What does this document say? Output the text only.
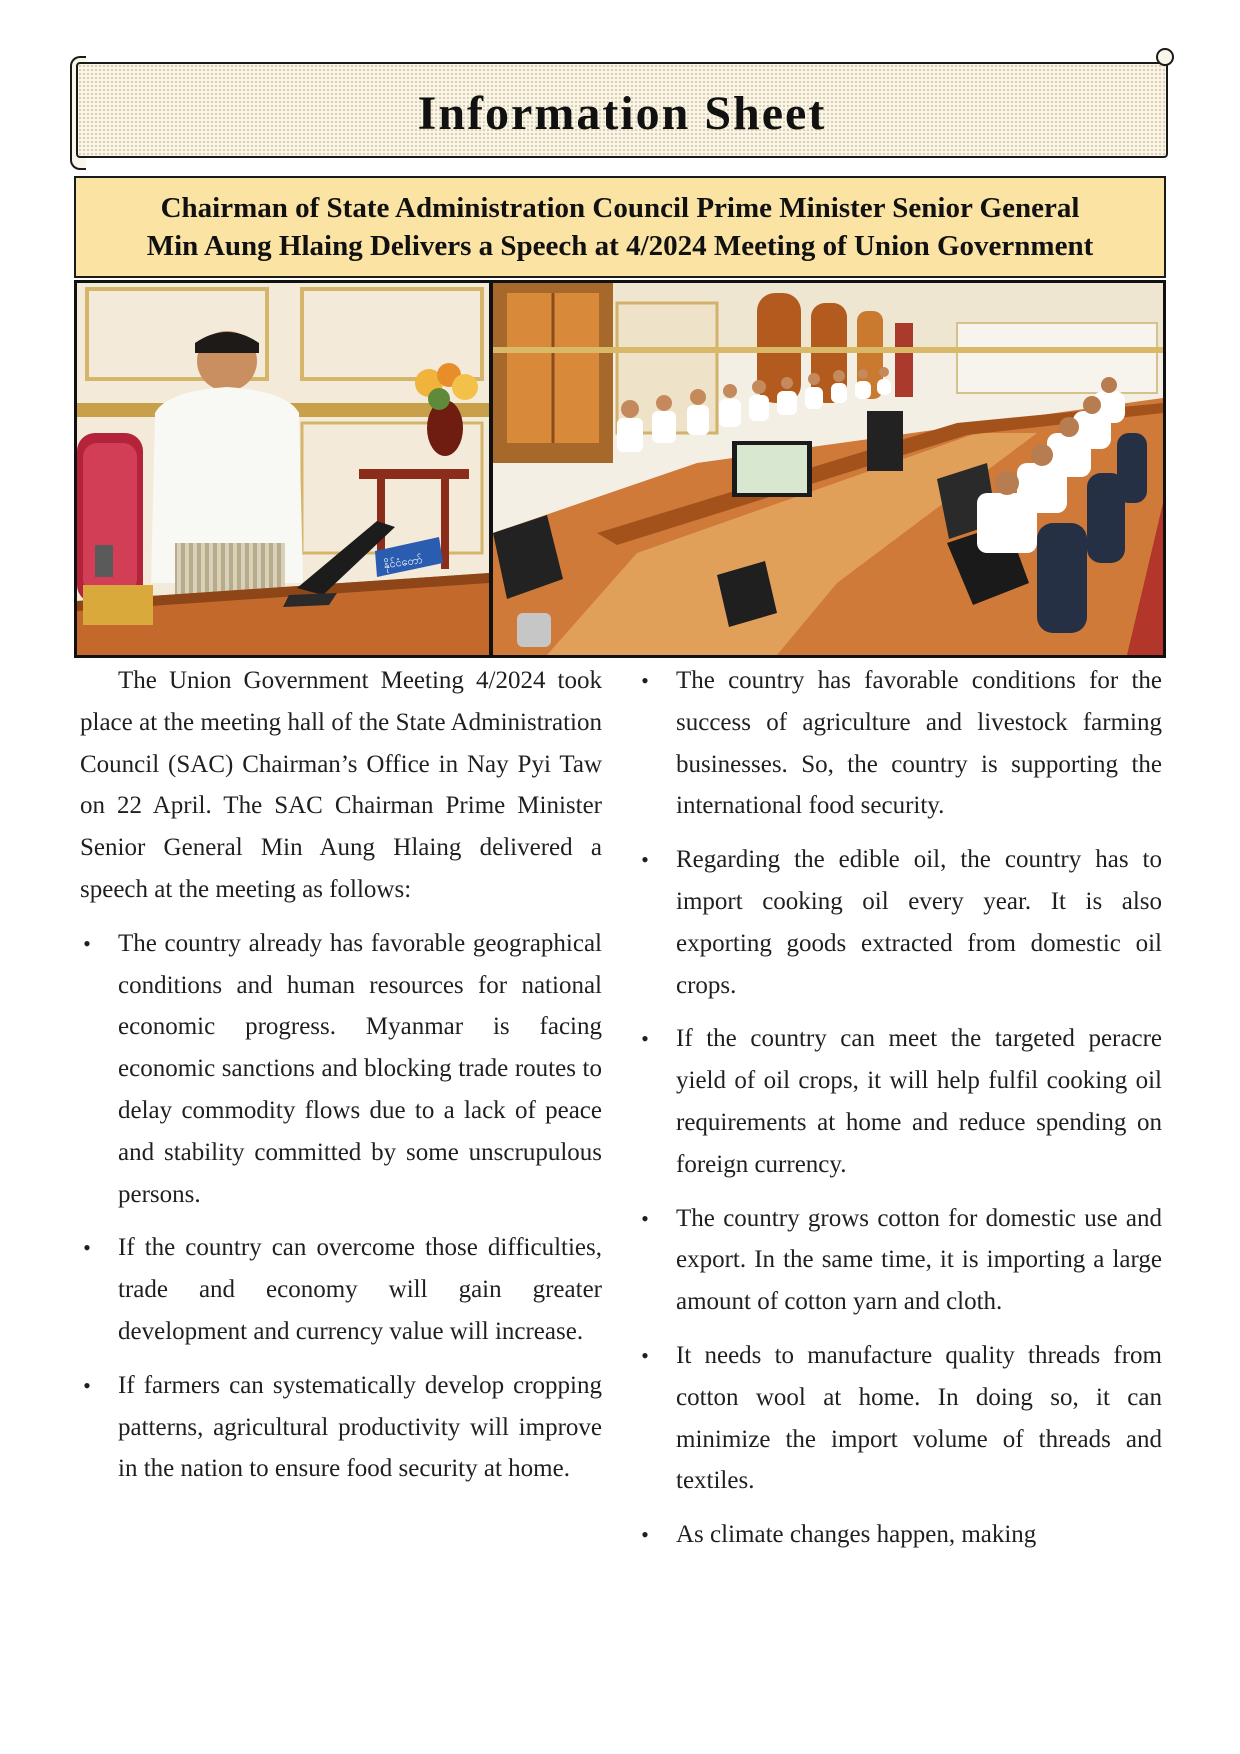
Information Sheet
Chairman of State Administration Council Prime Minister Senior General
Min Aung Hlaing Delivers a Speech at 4/2024 Meeting of Union Government
နိုင်ငံတော်

The Union Government Meeting 4/2024 took place at the meeting hall of the State Administration Council (SAC) Chairman’s Office in Nay Pyi Taw on 22 April. The SAC Chairman Prime Minister Senior General Min Aung Hlaing delivered a speech at the meeting as follows:

• The country already has favorable geographical conditions and human resources for national economic progress. Myanmar is facing economic sanctions and blocking trade routes to delay commodity flows due to a lack of peace and stability committed by some unscrupulous persons.
• If the country can overcome those difficulties, trade and economy will gain greater development and currency value will increase.
• If farmers can systematically develop cropping patterns, agricultural productivity will improve in the nation to ensure food security at home.
• The country has favorable conditions for the success of agriculture and livestock farming businesses. So, the country is supporting the international food security.
• Regarding the edible oil, the country has to import cooking oil every year. It is also exporting goods extracted from domestic oil crops.
• If the country can meet the targeted peracre yield of oil crops, it will help fulfil cooking oil requirements at home and reduce spending on foreign currency.
• The country grows cotton for domestic use and export. In the same time, it is importing a large amount of cotton yarn and cloth.
• It needs to manufacture quality threads from cotton wool at home. In doing so, it can minimize the import volume of threads and textiles.
• As climate changes happen, making
